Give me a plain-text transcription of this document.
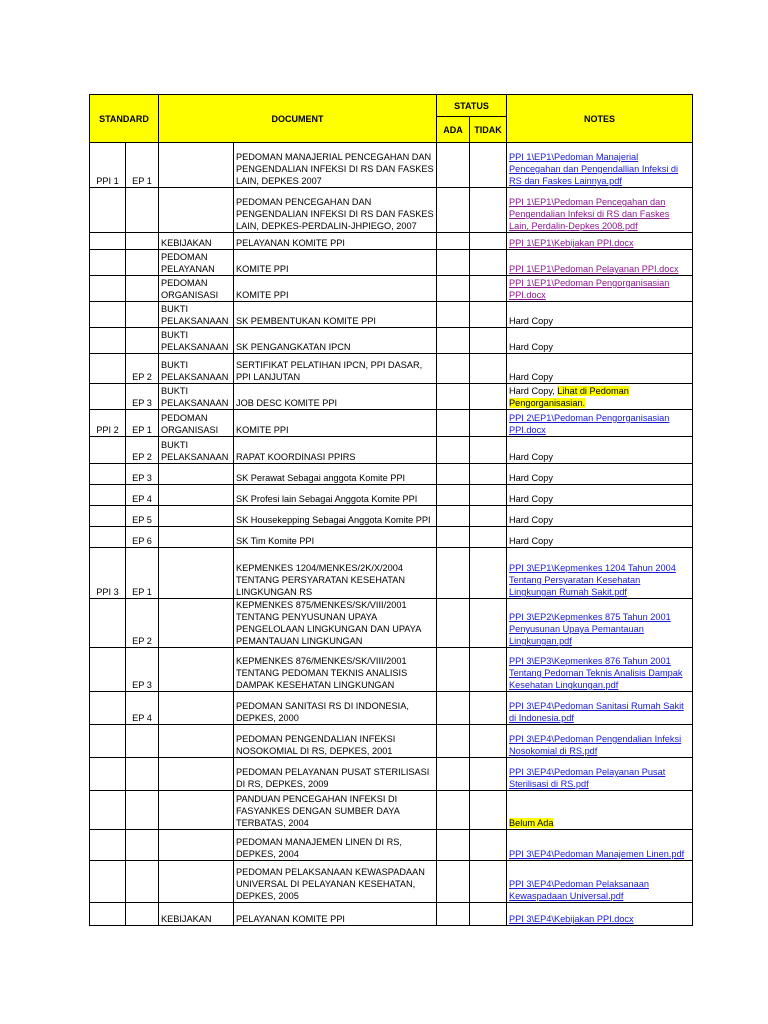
STANDARD		DOCUMENT		STATUS		NOTES
				ADA	TIDAK	
PPI 1	EP 1		PEDOMAN MANAJERIAL PENCEGAHAN DAN PENGENDALIAN INFEKSI DI RS DAN FASKES LAIN, DEPKES 2007			PPI 1\EP1\Pedoman Manajerial Pencegahan dan Pengendallian Infeksi di RS dan Faskes Lainnya.pdf
			PEDOMAN PENCEGAHAN DAN PENGENDALIAN INFEKSI DI RS DAN FASKES LAIN, DEPKES-PERDALIN-JHPIEGO, 2007			PPI 1\EP1\Pedoman Pencegahan dan Pengendalian Infeksi di RS dan Faskes Lain, Perdalin-Depkes 2008.pdf
		KEBIJAKAN	PELAYANAN KOMITE PPI			PPI 1\EP1\Kebijakan PPI.docx
		PEDOMAN PELAYANAN	KOMITE PPI			PPI 1\EP1\Pedoman Pelayanan PPI.docx
		PEDOMAN ORGANISASI	KOMITE PPI			PPI 1\EP1\Pedoman Pengorganisasian PPI.docx
		BUKTI PELAKSANAAN	SK PEMBENTUKAN KOMITE PPI			Hard Copy
		BUKTI PELAKSANAAN	SK PENGANGKATAN IPCN			Hard Copy
	EP 2	BUKTI PELAKSANAAN	SERTIFIKAT PELATIHAN IPCN, PPI DASAR, PPI LANJUTAN			Hard Copy
	EP 3	BUKTI PELAKSANAAN	JOB DESC KOMITE PPI			Hard Copy, Lihat di Pedoman Pengorganisasian.
PPI 2	EP 1	PEDOMAN ORGANISASI	KOMITE PPI			PPI 2\EP1\Pedoman Pengorganisasian PPI.docx
	EP 2	BUKTI PELAKSANAAN	RAPAT KOORDINASI PPIRS			Hard Copy
	EP 3		SK Perawat Sebagai anggota Komite PPI			Hard Copy
	EP 4		SK Profesi lain Sebagai Anggota Komite PPI			Hard Copy
	EP 5		SK Housekepping Sebagai Anggota Komite PPI			Hard Copy
	EP 6		SK Tim Komite PPI			Hard Copy
PPI 3	EP 1		KEPMENKES 1204/MENKES/2K/X/2004 TENTANG PERSYARATAN KESEHATAN LINGKUNGAN RS			PPI 3\EP1\Kepmenkes 1204 Tahun 2004 Tentang Persyaratan Kesehatan Lingkungan Rumah Sakit.pdf
	EP 2		KEPMENKES 875/MENKES/SK/VIII/2001 TENTANG PENYUSUNAN UPAYA PENGELOLAAN LINGKUNGAN DAN UPAYA PEMANTAUAN LINGKUNGAN			PPI 3\EP2\Kepmenkes 875 Tahun 2001 Penyusunan Upaya Pemantauan Lingkungan.pdf
	EP 3		KEPMENKES 876/MENKES/SK/VIII/2001 TENTANG PEDOMAN TEKNIS ANALISIS DAMPAK KESEHATAN LINGKUNGAN			PPI 3\EP3\Kepmenkes 876 Tahun 2001 Tentang Pedoman Teknis Analisis Dampak Kesehatan Lingkungan.pdf
	EP 4		PEDOMAN SANITASI RS DI INDONESIA, DEPKES, 2000			PPI 3\EP4\Pedoman Sanitasi Rumah Sakit di Indonesia.pdf
			PEDOMAN PENGENDALIAN INFEKSI NOSOKOMIAL DI RS, DEPKES, 2001			PPI 3\EP4\Pedoman Pengendalian Infeksi Nosokomial di RS.pdf
			PEDOMAN PELAYANAN PUSAT STERILISASI DI RS, DEPKES, 2009			PPI 3\EP4\Pedoman Pelayanan Pusat Sterilisasi di RS.pdf
			PANDUAN PENCEGAHAN INFEKSI DI FASYANKES DENGAN SUMBER DAYA TERBATAS, 2004			Belum Ada
			PEDOMAN MANAJEMEN LINEN DI RS, DEPKES, 2004			PPI 3\EP4\Pedoman Manajemen Linen.pdf
			PEDOMAN PELAKSANAAN KEWASPADAAN UNIVERSAL DI PELAYANAN KESEHATAN, DEPKES, 2005			PPI 3\EP4\Pedoman Pelaksanaan Kewaspadaan Universal.pdf
		KEBIJAKAN	PELAYANAN KOMITE PPI			PPI 3\EP4\Kebijakan PPI.docx
